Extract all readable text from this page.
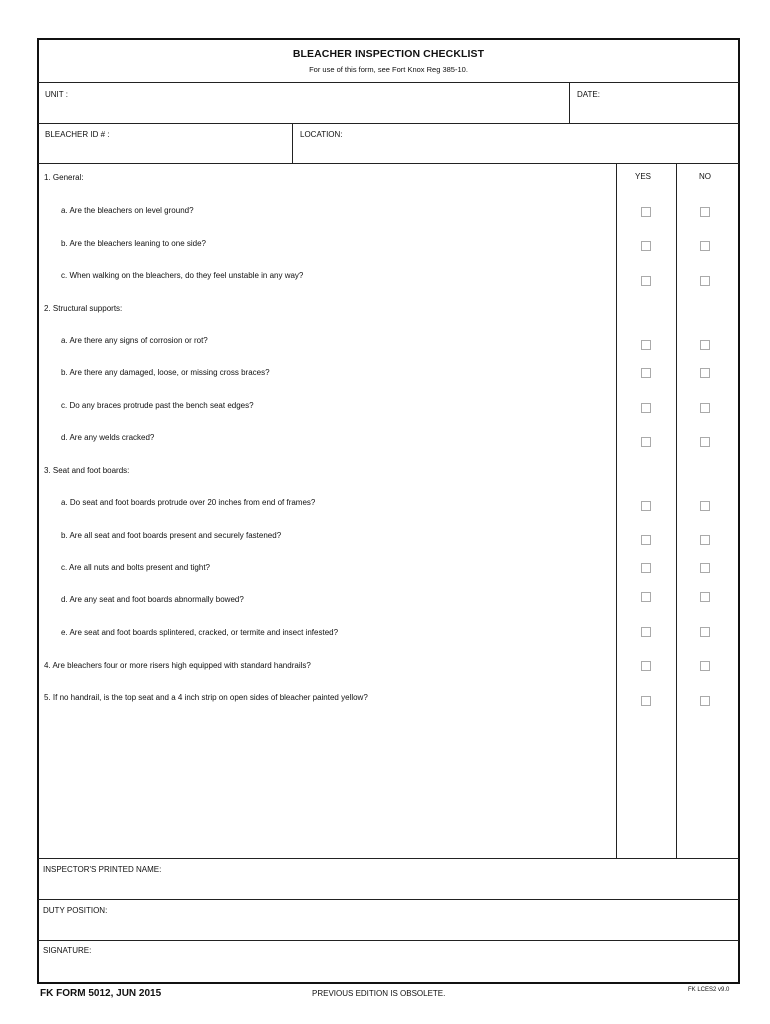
BLEACHER INSPECTION CHECKLIST
For use of this form, see Fort Knox Reg 385-10.
UNIT :	DATE:
BLEACHER ID # :	LOCATION:
YES	NO
1. General:
a. Are the bleachers on level ground?
b. Are the bleachers leaning to one side?
c. When walking on the bleachers, do they feel unstable in any way?
2. Structural supports:
a. Are there any signs of corrosion or rot?
b. Are there any damaged, loose, or missing cross braces?
c. Do any braces protrude past the bench seat edges?
d. Are any welds cracked?
3. Seat and foot boards:
a. Do seat and foot boards protrude over 20 inches from end of frames?
b. Are all seat and foot boards present and securely fastened?
c. Are all nuts and bolts present and tight?
d. Are any seat and foot boards abnormally bowed?
e. Are seat and foot boards splintered, cracked, or termite and insect infested?
4. Are bleachers four or more risers high equipped with standard handrails?
5. If no handrail, is the top seat and a 4 inch strip on open sides of bleacher painted yellow?
INSPECTOR'S PRINTED NAME:
DUTY POSITION:
SIGNATURE:
FK FORM 5012, JUN 2015	PREVIOUS EDITION IS OBSOLETE.	FK LCES2 v9.0
